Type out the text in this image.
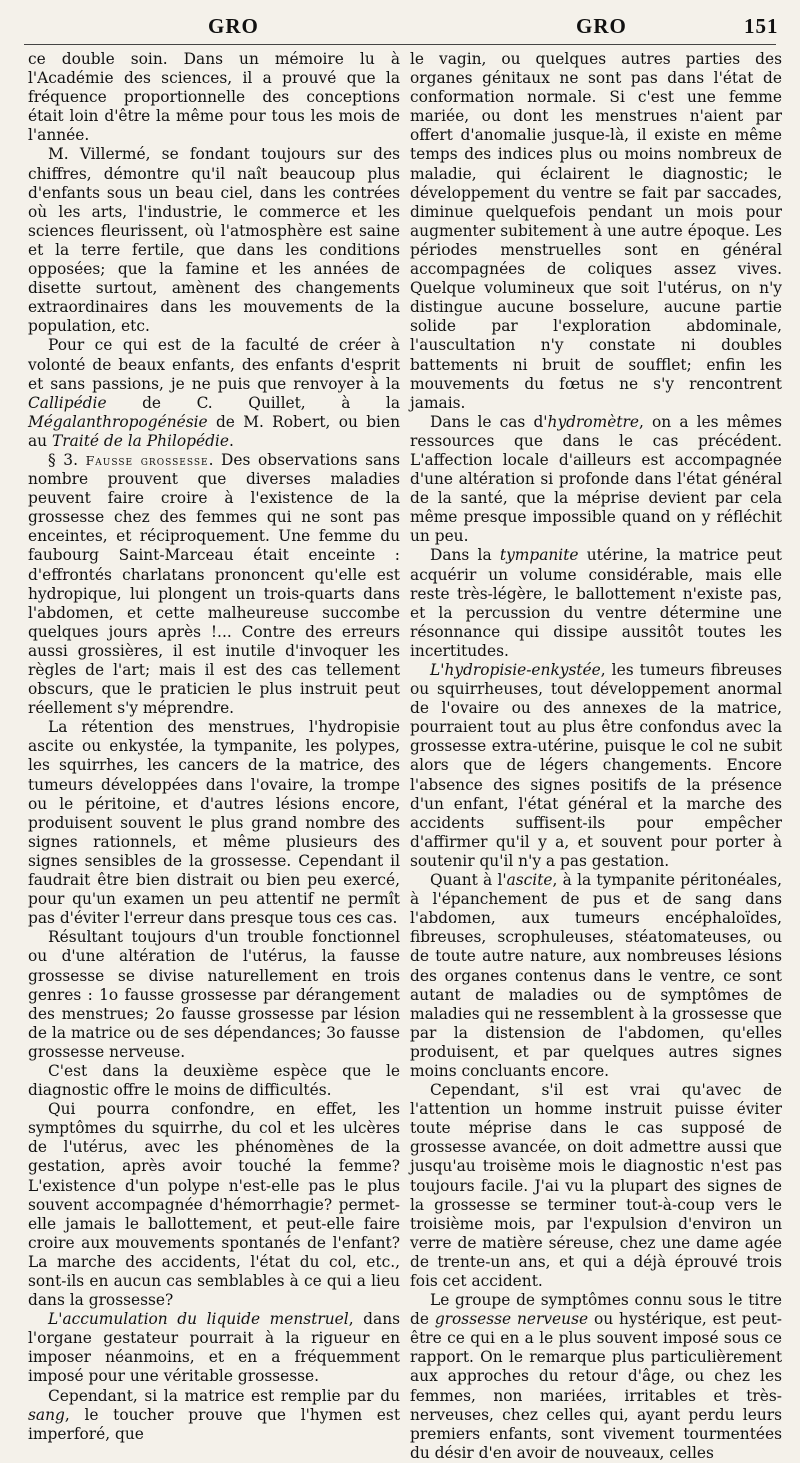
GRO	GRO	151

ce double soin. Dans un mémoire lu à l'Académie des sciences, il a prouvé que la fréquence proportionnelle des conceptions était loin d'être la même pour tous les mois de l'année.

M. Villermé, se fondant toujours sur des chiffres, démontre qu'il naît beaucoup plus d'enfants sous un beau ciel, dans les contrées où les arts, l'industrie, le commerce et les sciences fleurissent, où l'atmosphère est saine et la terre fertile, que dans les conditions opposées; que la famine et les années de disette surtout, amènent des changements extraordinaires dans les mouvements de la population, etc.

Pour ce qui est de la faculté de créer à volonté de beaux enfants, des enfants d'esprit et sans passions, je ne puis que renvoyer à la Callipédie de C. Quillet, à la Mégalanthropogénésie de M. Robert, ou bien au Traité de la Philopédie.

§ 3. Fausse grossesse. Des observations sans nombre prouvent que diverses maladies peuvent faire croire à l'existence de la grossesse chez des femmes qui ne sont pas enceintes, et réciproquement. Une femme du faubourg Saint-Marceau était enceinte : d'effrontés charlatans prononcent qu'elle est hydropique, lui plongent un trois-quarts dans l'abdomen, et cette malheureuse succombe quelques jours après !... Contre des erreurs aussi grossières, il est inutile d'invoquer les règles de l'art; mais il est des cas tellement obscurs, que le praticien le plus instruit peut réellement s'y méprendre.

La rétention des menstrues, l'hydropisie ascite ou enkystée, la tympanite, les polypes, les squirrhes, les cancers de la matrice, des tumeurs développées dans l'ovaire, la trompe ou le péritoine, et d'autres lésions encore, produisent souvent le plus grand nombre des signes rationnels, et même plusieurs des signes sensibles de la grossesse. Cependant il faudrait être bien distrait ou bien peu exercé, pour qu'un examen un peu attentif ne permît pas d'éviter l'erreur dans presque tous ces cas.

Résultant toujours d'un trouble fonctionnel ou d'une altération de l'utérus, la fausse grossesse se divise naturellement en trois genres : 1o fausse grossesse par dérangement des menstrues; 2o fausse grossesse par lésion de la matrice ou de ses dépendances; 3o fausse grossesse nerveuse.

C'est dans la deuxième espèce que le diagnostic offre le moins de difficultés.

Qui pourra confondre, en effet, les symptômes du squirrhe, du col et les ulcères de l'utérus, avec les phénomènes de la gestation, après avoir touché la femme? L'existence d'un polype n'est-elle pas le plus souvent accompagnée d'hémorrhagie? permet-elle jamais le ballottement, et peut-elle faire croire aux mouvements spontanés de l'enfant? La marche des accidents, l'état du col, etc., sont-ils en aucun cas semblables à ce qui a lieu dans la grossesse?

L'accumulation du liquide menstruel, dans l'organe gestateur pourrait à la rigueur en imposer néanmoins, et en a fréquemment imposé pour une véritable grossesse.

Cependant, si la matrice est remplie par du sang, le toucher prouve que l'hymen est imperforé, que

le vagin, ou quelques autres parties des organes génitaux ne sont pas dans l'état de conformation normale. Si c'est une femme mariée, ou dont les menstrues n'aient par offert d'anomalie jusque-là, il existe en même temps des indices plus ou moins nombreux de maladie, qui éclairent le diagnostic; le développement du ventre se fait par saccades, diminue quelquefois pendant un mois pour augmenter subitement à une autre époque. Les périodes menstruelles sont en général accompagnées de coliques assez vives. Quelque volumineux que soit l'utérus, on n'y distingue aucune bosselure, aucune partie solide par l'exploration abdominale, l'auscultation n'y constate ni doubles battements ni bruit de soufflet; enfin les mouvements du fœtus ne s'y rencontrent jamais.

Dans le cas d'hydromètre, on a les mêmes ressources que dans le cas précédent. L'affection locale d'ailleurs est accompagnée d'une altération si profonde dans l'état général de la santé, que la méprise devient par cela même presque impossible quand on y réfléchit un peu.

Dans la tympanite utérine, la matrice peut acquérir un volume considérable, mais elle reste très-légère, le ballottement n'existe pas, et la percussion du ventre détermine une résonnance qui dissipe aussitôt toutes les incertitudes.

L'hydropisie-enkystée, les tumeurs fibreuses ou squirrheuses, tout développement anormal de l'ovaire ou des annexes de la matrice, pourraient tout au plus être confondus avec la grossesse extra-utérine, puisque le col ne subit alors que de légers changements. Encore l'absence des signes positifs de la présence d'un enfant, l'état général et la marche des accidents suffisent-ils pour empêcher d'affirmer qu'il y a, et souvent pour porter à soutenir qu'il n'y a pas gestation.

Quant à l'ascite, à la tympanite péritonéales, à l'épanchement de pus et de sang dans l'abdomen, aux tumeurs encéphaloïdes, fibreuses, scrophuleuses, stéatomateuses, ou de toute autre nature, aux nombreuses lésions des organes contenus dans le ventre, ce sont autant de maladies ou de symptômes de maladies qui ne ressemblent à la grossesse que par la distension de l'abdomen, qu'elles produisent, et par quelques autres signes moins concluants encore.

Cependant, s'il est vrai qu'avec de l'attention un homme instruit puisse éviter toute méprise dans le cas supposé de grossesse avancée, on doit admettre aussi que jusqu'au troisème mois le diagnostic n'est pas toujours facile. J'ai vu la plupart des signes de la grossesse se terminer tout-à-coup vers le troisième mois, par l'expulsion d'environ un verre de matière séreuse, chez une dame agée de trente-un ans, et qui a déjà éprouvé trois fois cet accident.

Le groupe de symptômes connu sous le titre de grossesse nerveuse ou hystérique, est peut-être ce qui en a le plus souvent imposé sous ce rapport. On le remarque plus particulièrement aux approches du retour d'âge, ou chez les femmes, non mariées, irritables et très-nerveuses, chez celles qui, ayant perdu leurs premiers enfants, sont vivement tourmentées du désir d'en avoir de nouveaux, celles
